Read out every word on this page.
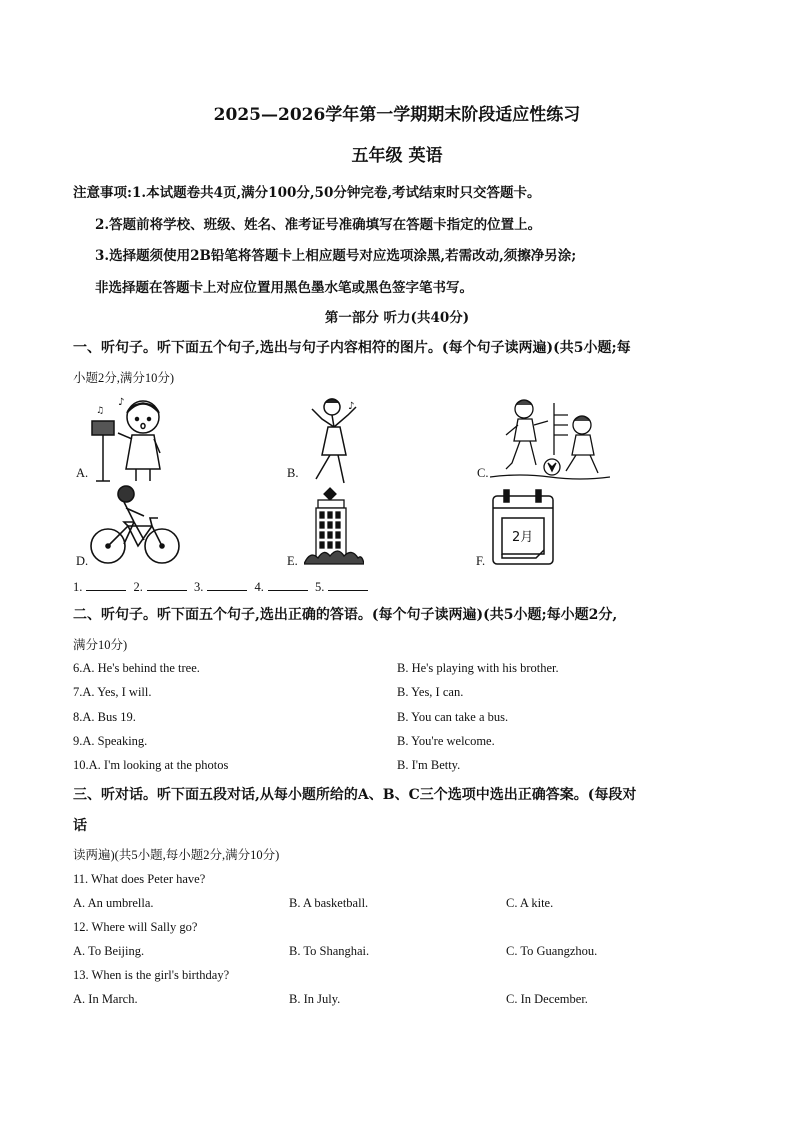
2025—2026学年第一学期期末阶段适应性练习
五年级 英语
注意事项:1.本试题卷共4页,满分100分,50分钟完卷,考试结束时只交答题卡。
2.答题前将学校、班级、姓名、准考证号准确填写在答题卡指定的位置上。
3.选择题须使用2B铅笔将答题卡上相应题号对应选项涂黑,若需改动,须擦净另涂;
非选择题在答题卡上对应位置用黑色墨水笔或黑色签字笔书写。
第一部分 听力(共40分)
一、听句子。听下面五个句子,选出与句子内容相符的图片。(每个句子读两遍)(共5小题;每
小题2分,满分10分)
A.
♪
♫
B.
♪
C.
D.	E.	F.
2月
1.	2.	3.	4.	5.
二、听句子。听下面五个句子,选出正确的答语。(每个句子读两遍)(共5小题;每小题2分,
满分10分)
6.A. He's behind the tree.	B. He's playing with his brother.
7.A. Yes, I will.	B. Yes, I can.
8.A. Bus 19.	B. You can take a bus.
9.A. Speaking.	B. You're welcome.
10.A. I'm looking at the photos	B. I'm Betty.
三、听对话。听下面五段对话,从每小题所给的A、B、C三个选项中选出正确答案。(每段对
话
读两遍)(共5小题,每小题2分,满分10分)
11. What does Peter have?
A. An umbrella.	B. A basketball.	C. A kite.
12. Where will Sally go?
A. To Beijing.	B. To Shanghai.	C. To Guangzhou.
13. When is the girl's birthday?
A. In March.	B. In July.	C. In December.
